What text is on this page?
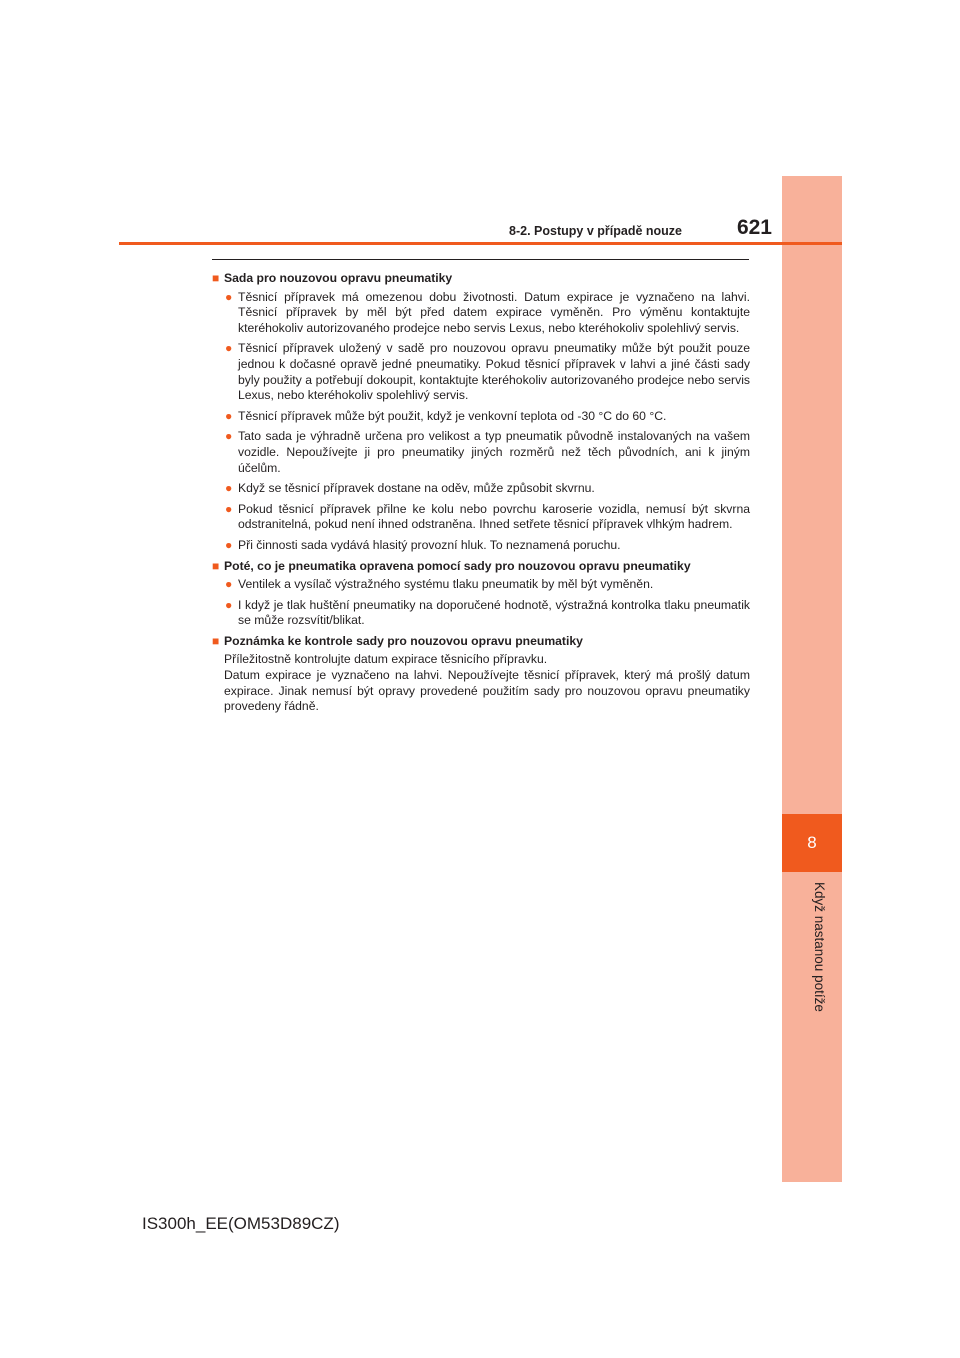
8
Když nastanou potíže
8-2. Postupy v případě nouze	621
■ Sada pro nouzovou opravu pneumatiky
● Těsnicí přípravek má omezenou dobu životnosti. Datum expirace je vyznačeno na lahvi. Těsnicí přípravek by měl být před datem expirace vyměněn. Pro výměnu kontaktujte kteréhokoliv autorizovaného prodejce nebo servis Lexus, nebo kteréhokoliv spolehlivý servis.
● Těsnicí přípravek uložený v sadě pro nouzovou opravu pneumatiky může být použit pouze jednou k dočasné opravě jedné pneumatiky. Pokud těsnicí přípravek v lahvi a jiné části sady byly použity a potřebují dokoupit, kontaktujte kteréhokoliv autorizovaného prodejce nebo servis Lexus, nebo kteréhokoliv spolehlivý servis.
● Těsnicí přípravek může být použit, když je venkovní teplota od -30 °C do 60 °C.
● Tato sada je výhradně určena pro velikost a typ pneumatik původně instalovaných na vašem vozidle. Nepoužívejte ji pro pneumatiky jiných rozměrů než těch původních, ani k jiným účelům.
● Když se těsnicí přípravek dostane na oděv, může způsobit skvrnu.
● Pokud těsnicí přípravek přilne ke kolu nebo povrchu karoserie vozidla, nemusí být skvrna odstranitelná, pokud není ihned odstraněna. Ihned setřete těsnicí přípravek vlhkým hadrem.
● Při činnosti sada vydává hlasitý provozní hluk. To neznamená poruchu.
■ Poté, co je pneumatika opravena pomocí sady pro nouzovou opravu pneumatiky
● Ventilek a vysílač výstražného systému tlaku pneumatik by měl být vyměněn.
● I když je tlak huštění pneumatiky na doporučené hodnotě, výstražná kontrolka tlaku pneumatik se může rozsvítit/blikat.
■ Poznámka ke kontrole sady pro nouzovou opravu pneumatiky
Příležitostně kontrolujte datum expirace těsnicího přípravku.
Datum expirace je vyznačeno na lahvi. Nepoužívejte těsnicí přípravek, který má prošlý datum expirace. Jinak nemusí být opravy provedené použitím sady pro nouzovou opravu pneumatiky provedeny řádně.
IS300h_EE(OM53D89CZ)
